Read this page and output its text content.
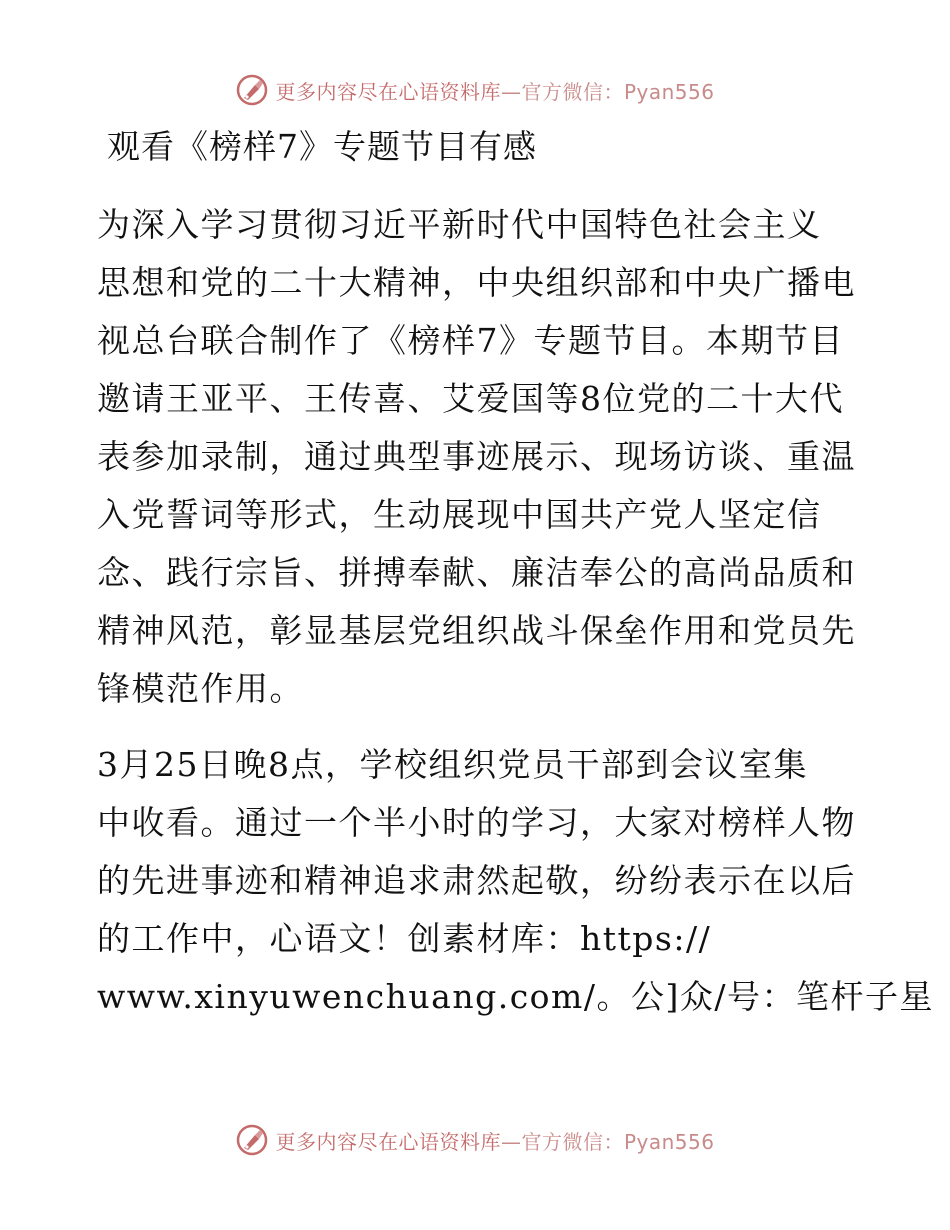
更多内容尽在心语资料库—官方微信：Pyan556
观看《榜样7》专题节目有感
为深入学习贯彻习近平新时代中国特色社会主义
思想和党的二十大精神，中央组织部和中央广播电
视总台联合制作了《榜样7》专题节目。本期节目
邀请王亚平、王传喜、艾爱国等8位党的二十大代
表参加录制，通过典型事迹展示、现场访谈、重温
入党誓词等形式，生动展现中国共产党人坚定信
念、践行宗旨、拼搏奉献、廉洁奉公的高尚品质和
精神风范，彰显基层党组织战斗保垒作用和党员先
锋模范作用。
3月25日晚8点，学校组织党员干部到会议室集
中收看。通过一个半小时的学习，大家对榜样人物
的先进事迹和精神追求肃然起敬，纷纷表示在以后
的工作中，心语文！创素材库：https://
www.xinyuwenchuang.com/。公]众/号：笔杆子星
更多内容尽在心语资料库—官方微信：Pyan556
